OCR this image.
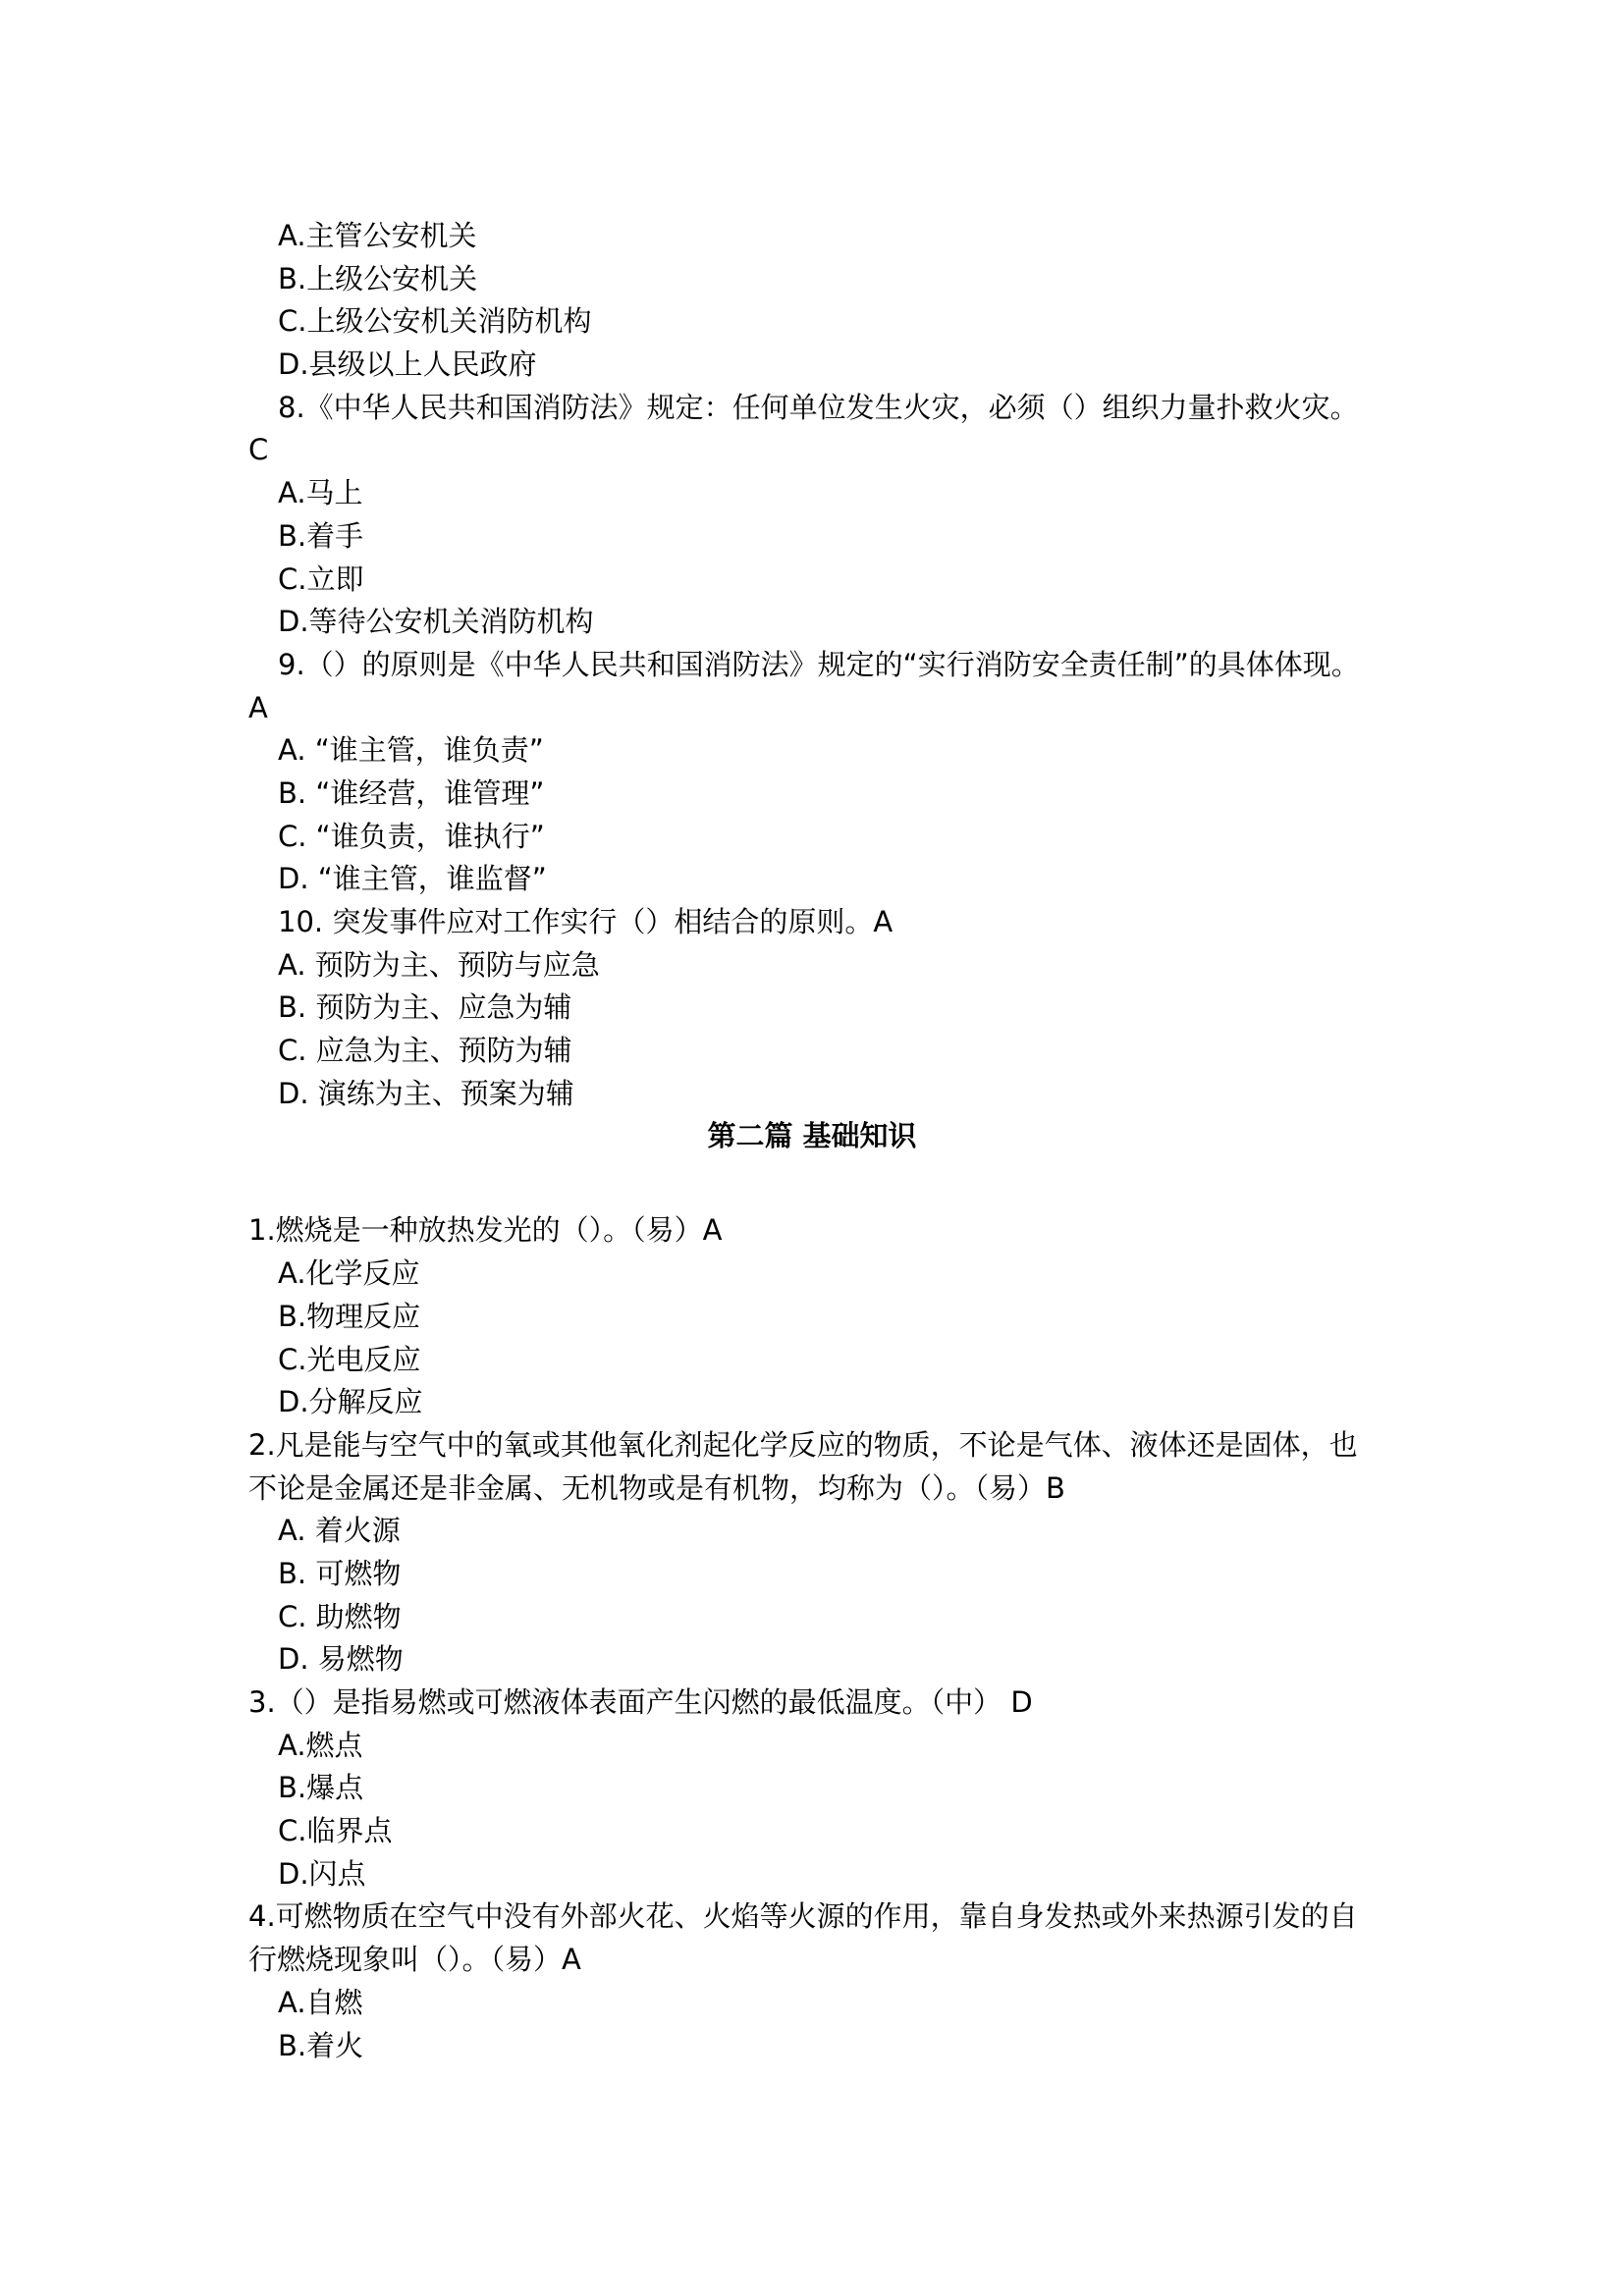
A.主管公安机关
B.上级公安机关
C.上级公安机关消防机构
D.县级以上人民政府
8.《中华人民共和国消防法》规定：任何单位发生火灾，必须（）组织力量扑救火灾。
C
A.马上
B.着手
C.立即
D.等待公安机关消防机构
9.（）的原则是《中华人民共和国消防法》规定的“实行消防安全责任制”的具体体现。
A
A. “谁主管，谁负责”
B. “谁经营，谁管理”
C. “谁负责，谁执行”
D. “谁主管，谁监督”
10. 突发事件应对工作实行（）相结合的原则。A
A. 预防为主、预防与应急
B. 预防为主、应急为辅
C. 应急为主、预防为辅
D. 演练为主、预案为辅
第二篇 基础知识
1.燃烧是一种放热发光的（）。（易）A
A.化学反应
B.物理反应
C.光电反应
D.分解反应
2.凡是能与空气中的氧或其他氧化剂起化学反应的物质，不论是气体、液体还是固体，也
不论是金属还是非金属、无机物或是有机物，均称为（）。（易）B
A. 着火源
B. 可燃物
C. 助燃物
D. 易燃物
3.（）是指易燃或可燃液体表面产生闪燃的最低温度。（中） D
A.燃点
B.爆点
C.临界点
D.闪点
4.可燃物质在空气中没有外部火花、火焰等火源的作用，靠自身发热或外来热源引发的自
行燃烧现象叫（）。（易）A
A.自燃
B.着火
